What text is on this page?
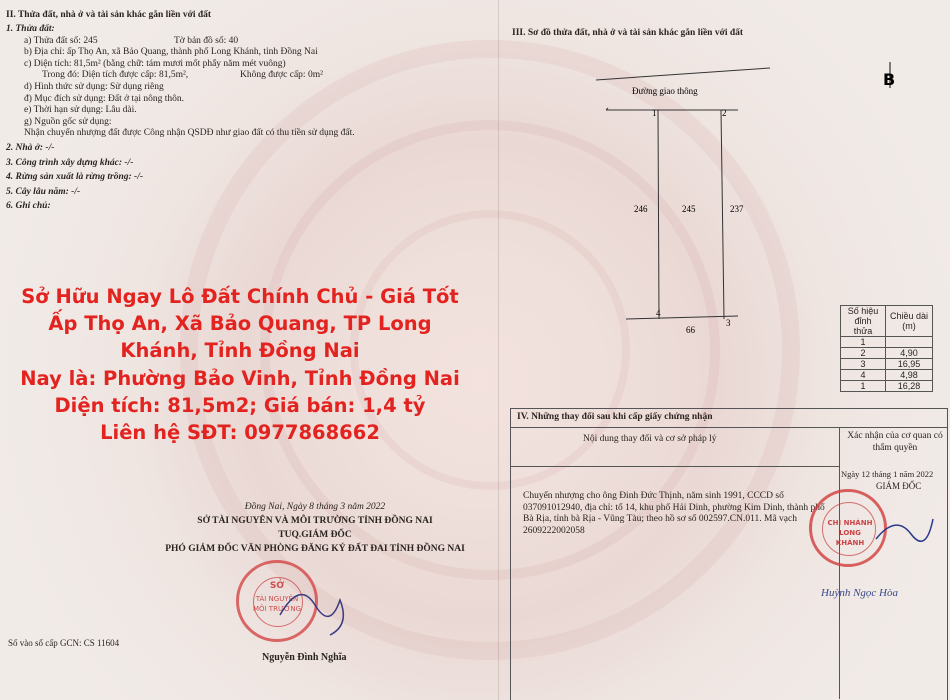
II. Thửa đất, nhà ở và tài sản khác gắn liền với đất
1. Thửa đất:
a) Thửa đất số: 245	Tờ bản đồ số: 40
b) Địa chỉ: ấp Thọ An, xã Bảo Quang, thành phố Long Khánh, tỉnh Đồng Nai
c) Diện tích: 81,5m² (bằng chữ: tám mươi mốt phẩy năm mét vuông)
Trong đó: Diện tích được cấp: 81,5m²,	Không được cấp: 0m²
d) Hình thức sử dụng: Sử dụng riêng
đ) Mục đích sử dụng: Đất ở tại nông thôn.
e) Thời hạn sử dụng: Lâu dài.
g) Nguồn gốc sử dụng:
Nhận chuyển nhượng đất được Công nhận QSDĐ như giao đất có thu tiền sử dụng đất.
2. Nhà ở: -/-
3. Công trình xây dựng khác: -/-
4. Rừng sản xuất là rừng trồng: -/-
5. Cây lâu năm: -/-
6. Ghi chú:
Sở Hữu Ngay Lô Đất Chính Chủ - Giá Tốt
Ấp Thọ An, Xã Bảo Quang, TP Long
Khánh, Tỉnh Đồng Nai
Nay là: Phường Bảo Vinh, Tỉnh Đồng Nai
Diện tích: 81,5m2; Giá bán: 1,4 tỷ
Liên hệ SĐT: 0977868662
Đồng Nai, Ngày 8 tháng 3 năm 2022
SỞ TÀI NGUYÊN VÀ MÔI TRƯỜNG TỈNH ĐỒNG NAI
TUQ.GIÁM ĐỐC
PHÓ GIÁM ĐỐC VĂN PHÒNG ĐĂNG KÝ ĐẤT ĐAI TỈNH ĐỒNG NAI
SỞ
TÀI NGUYÊN
MÔI TRƯỜNG
Nguyễn Đình Nghĩa
Số vào sổ cấp GCN: CS 11604
III. Sơ đồ thửa đất, nhà ở và tài sản khác gắn liền với đất
Đường giao thông
1	2
3
4
246	245	237
66
B
Số hiệu đỉnh thửa	Chiều dài (m)
1	
2	4,90
3	16,95
4	4,98
1	16,28
IV. Những thay đổi sau khi cấp giấy chứng nhận
Nội dung thay đổi và cơ sở pháp lý	Xác nhận của cơ quan có thẩm quyền
Ngày 12 tháng 1 năm 2022
GIÁM ĐỐC
Chuyển nhượng cho ông Đinh Đức Thịnh, năm sinh 1991, CCCD số 037091012940, địa chỉ: tổ 14, khu phố Hải Dinh, phường Kim Dinh, thành phố Bà Rịa, tỉnh bà Rịa - Vũng Tàu; theo hồ sơ số 002597.CN.011. Mã vạch 2609222002058
CHI NHÁNH LONG KHÁNH
Huỳnh Ngọc Hòa
